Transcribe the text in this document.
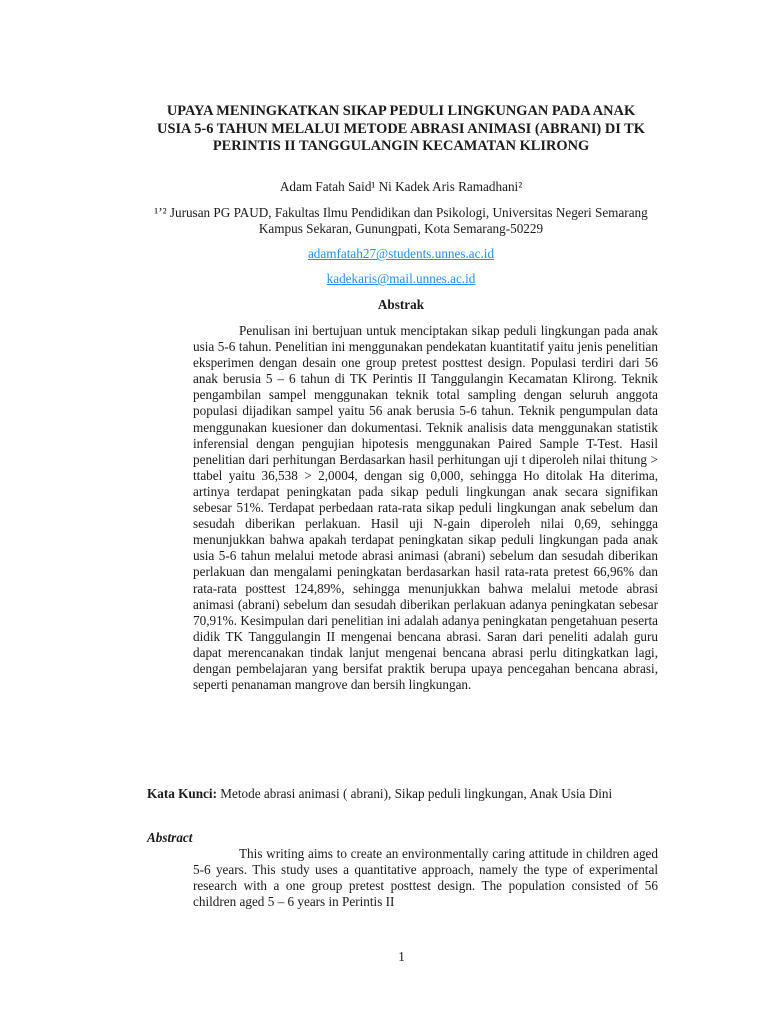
UPAYA MENINGKATKAN SIKAP PEDULI LINGKUNGAN PADA ANAK USIA 5-6 TAHUN MELALUI METODE ABRASI ANIMASI (ABRANI) DI TK PERINTIS II TANGGULANGIN KECAMATAN KLIRONG
Adam Fatah Said¹ Ni Kadek Aris Ramadhani²
¹’² Jurusan PG PAUD, Fakultas Ilmu Pendidikan dan Psikologi, Universitas Negeri Semarang Kampus Sekaran, Gunungpati, Kota Semarang-50229
adamfatah27@students.unnes.ac.id
kadekaris@mail.unnes.ac.id
Abstrak

Penulisan ini bertujuan untuk menciptakan sikap peduli lingkungan pada anak usia 5-6 tahun. Penelitian ini menggunakan pendekatan kuantitatif yaitu jenis penelitian eksperimen dengan desain one group pretest posttest design. Populasi terdiri dari 56 anak berusia 5 – 6 tahun di TK Perintis II Tanggulangin Kecamatan Klirong. Teknik pengambilan sampel menggunakan teknik total sampling dengan seluruh anggota populasi dijadikan sampel yaitu 56 anak berusia 5-6 tahun. Teknik pengumpulan data menggunakan kuesioner dan dokumentasi. Teknik analisis data menggunakan statistik inferensial dengan pengujian hipotesis menggunakan Paired Sample T-Test. Hasil penelitian dari perhitungan Berdasarkan hasil perhitungan uji t diperoleh nilai thitung > ttabel yaitu 36,538 > 2,0004, dengan sig 0,000, sehingga Ho ditolak Ha diterima, artinya terdapat peningkatan pada sikap peduli lingkungan anak secara signifikan sebesar 51%. Terdapat perbedaan rata-rata sikap peduli lingkungan anak sebelum dan sesudah diberikan perlakuan. Hasil uji N-gain diperoleh nilai 0,69, sehingga menunjukkan bahwa apakah terdapat peningkatan sikap peduli lingkungan pada anak usia 5-6 tahun melalui metode abrasi animasi (abrani) sebelum dan sesudah diberikan perlakuan dan mengalami peningkatan berdasarkan hasil rata-rata pretest 66,96% dan rata-rata posttest 124,89%, sehingga menunjukkan bahwa melalui metode abrasi animasi (abrani) sebelum dan sesudah diberikan perlakuan adanya peningkatan sebesar 70,91%. Kesimpulan dari penelitian ini adalah adanya peningkatan pengetahuan peserta didik TK Tanggulangin II mengenai bencana abrasi. Saran dari peneliti adalah guru dapat merencanakan tindak lanjut mengenai bencana abrasi perlu ditingkatkan lagi, dengan pembelajaran yang bersifat praktik berupa upaya pencegahan bencana abrasi, seperti penanaman mangrove dan bersih lingkungan.

Kata Kunci: Metode abrasi animasi ( abrani), Sikap peduli lingkungan, Anak Usia Dini

Abstract

This writing aims to create an environmentally caring attitude in children aged 5-6 years. This study uses a quantitative approach, namely the type of experimental research with a one group pretest posttest design. The population consisted of 56 children aged 5 – 6 years in Perintis II

1
